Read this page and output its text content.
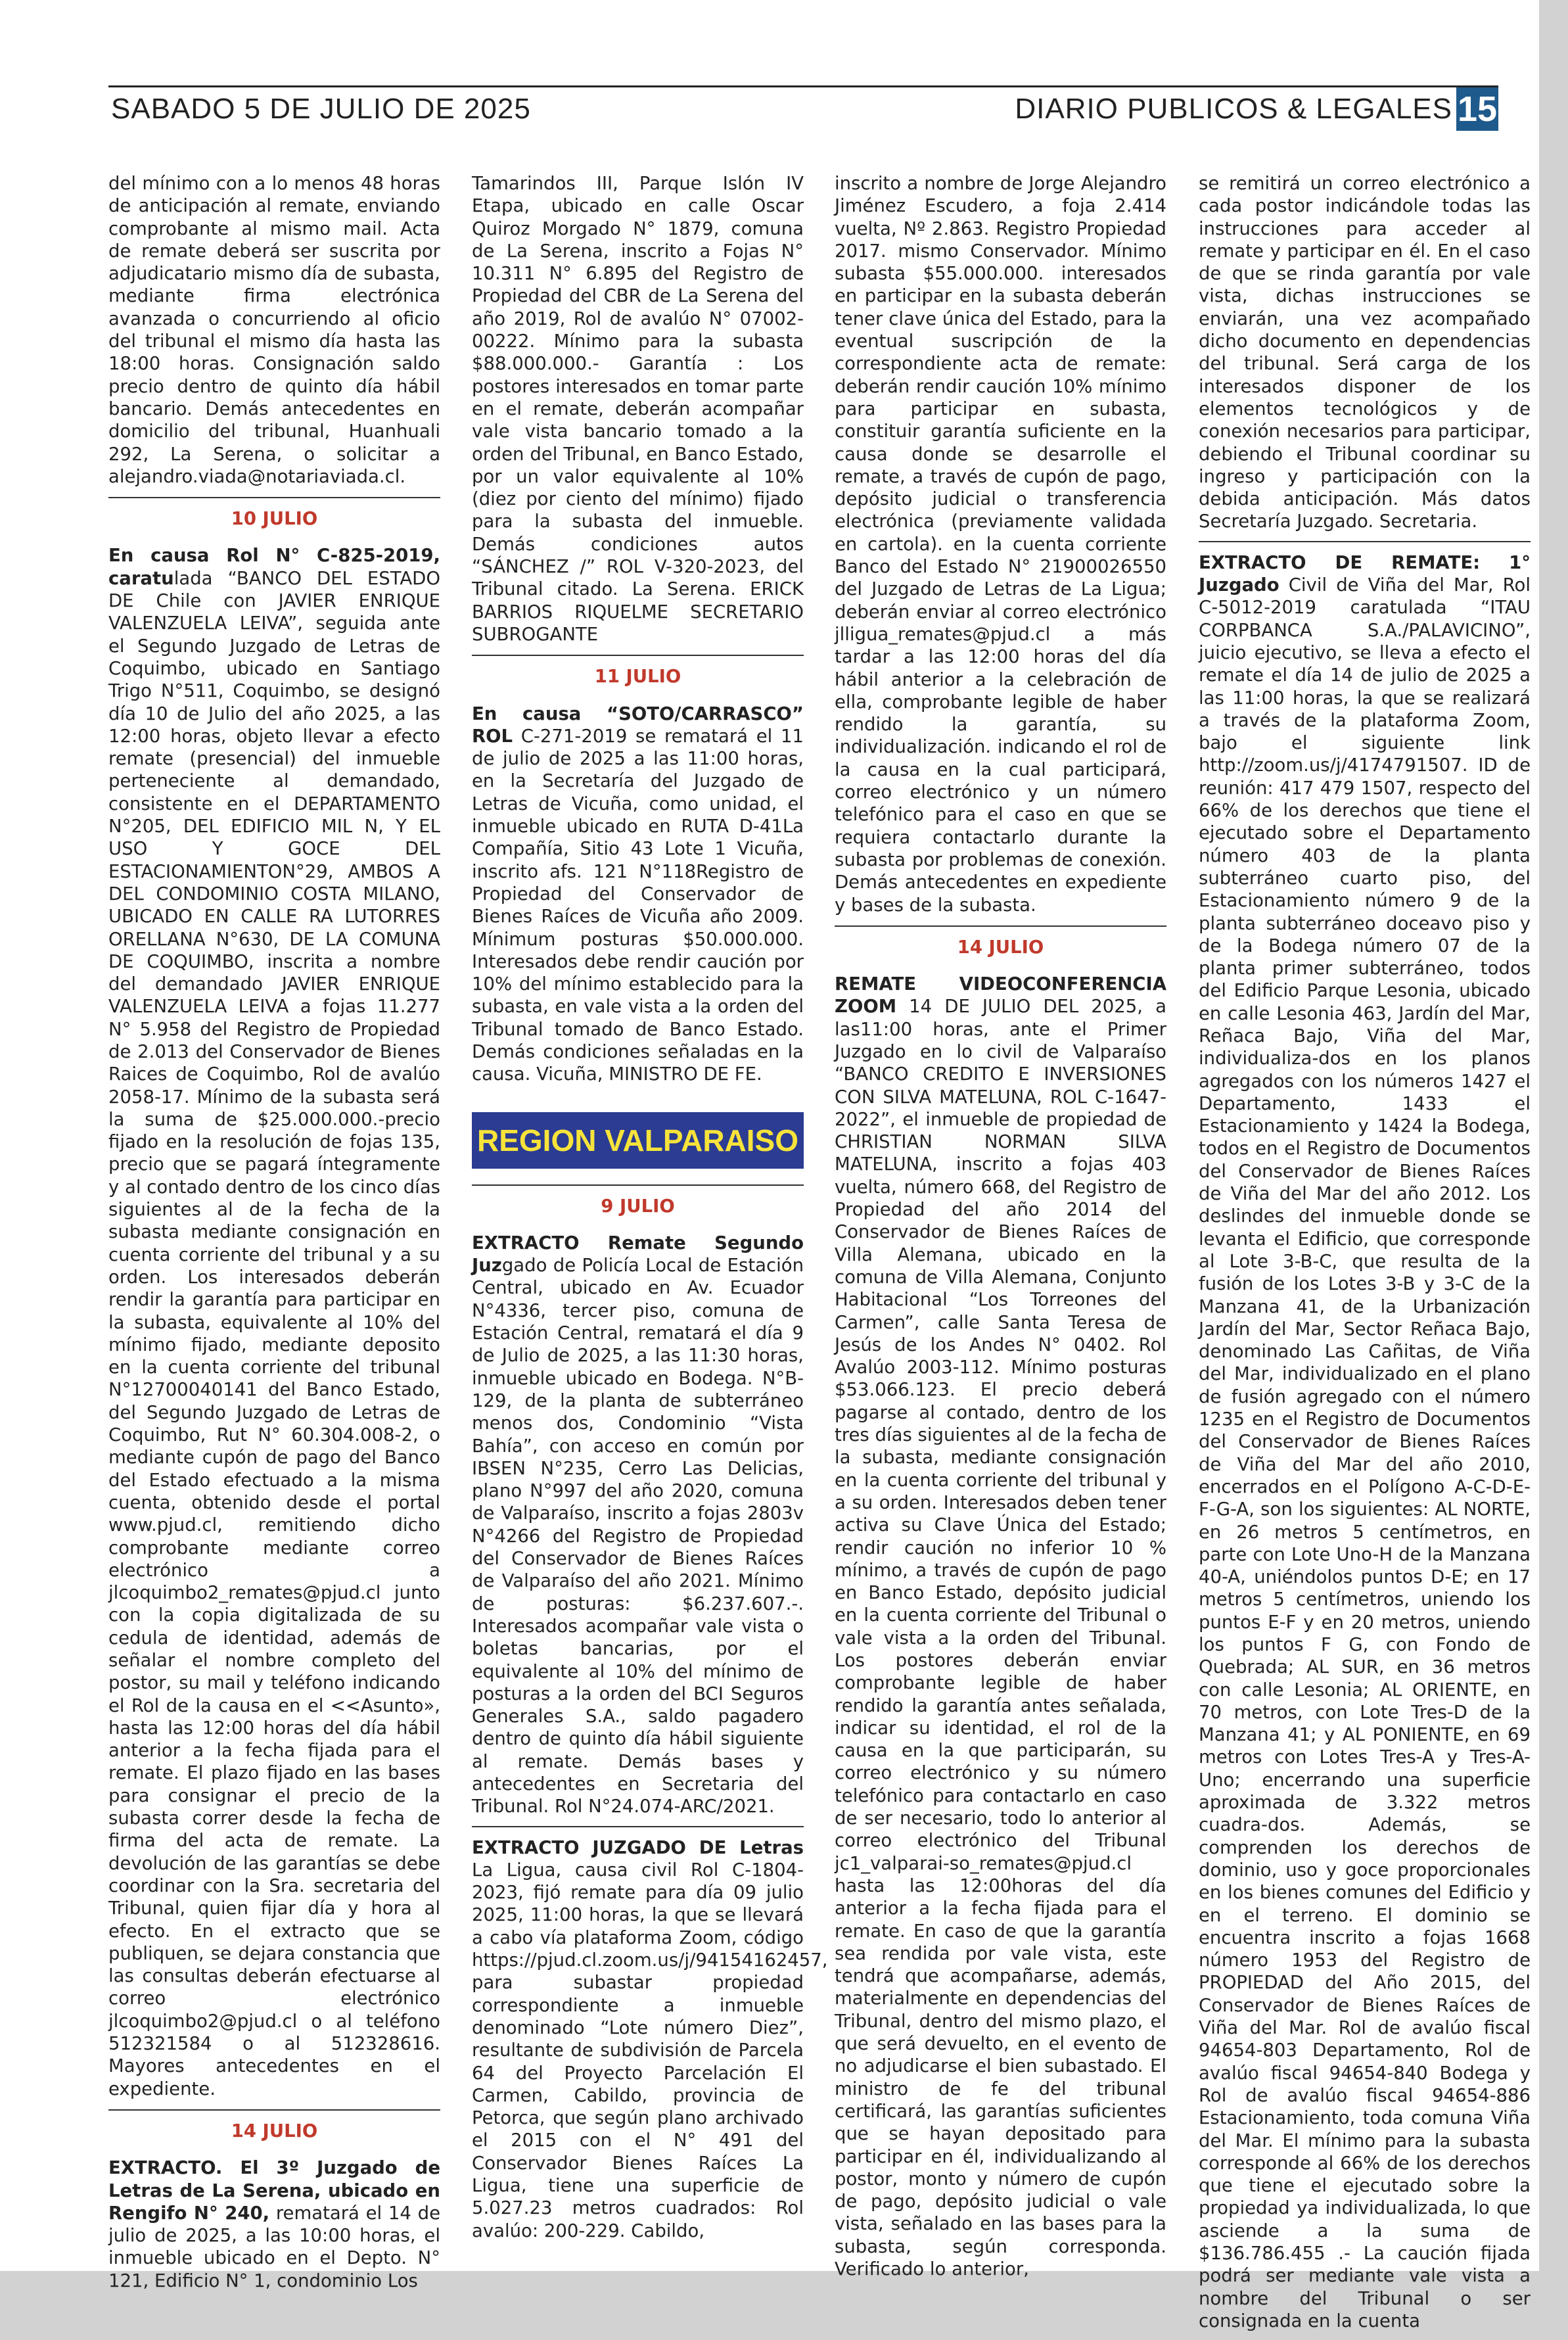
SABADO 5 DE JULIO DE 2025	DIARIO PUBLICOS & LEGALES 15

del mínimo con a lo menos 48 horas de anticipación al remate, enviando comprobante al mismo mail. Acta de remate deberá ser suscrita por adjudicatario mismo día de subasta, mediante firma electrónica avanzada o concurriendo al oficio del tribunal el mismo día hasta las 18:00 horas. Consignación saldo precio dentro de quinto día hábil bancario. Demás antecedentes en domicilio del tribunal, Huanhuali 292, La Serena, o solicitar a alejandro.viada@notariaviada.cl.

10 JULIO

En causa Rol N° C-825-2019, caratulada “BANCO DEL ESTADO DE Chile con JAVIER ENRIQUE VALENZUELA LEIVA”, seguida ante el Segundo Juzgado de Letras de Coquimbo, ubicado en Santiago Trigo N°511, Coquimbo, se designó día 10 de Julio del año 2025, a las 12:00 horas, objeto llevar a efecto remate (presencial) del inmueble perteneciente al demandado, consistente en el DEPARTAMENTO N°205, DEL EDIFICIO MIL N, Y EL USO Y GOCE DEL ESTACIONAMIENTON°29, AMBOS A DEL CONDOMINIO COSTA MILANO, UBICADO EN CALLE RA LUTORRES ORELLANA N°630, DE LA COMUNA DE COQUIMBO, inscrita a nombre del demandado JAVIER ENRIQUE VALENZUELA LEIVA a fojas 11.277 N° 5.958 del Registro de Propiedad de 2.013 del Conservador de Bienes Raices de Coquimbo, Rol de avalúo 2058-17. Mínimo de la subasta será la suma de $25.000.000.-precio fijado en la resolución de fojas 135, precio que se pagará íntegramente y al contado dentro de los cinco días siguientes al de la fecha de la subasta mediante consignación en cuenta corriente del tribunal y a su orden. Los interesados deberán rendir la garantía para participar en la subasta, equivalente al 10% del mínimo fijado, mediante deposito en la cuenta corriente del tribunal N°12700040141 del Banco Estado, del Segundo Juzgado de Letras de Coquimbo, Rut N° 60.304.008-2, o mediante cupón de pago del Banco del Estado efectuado a la misma cuenta, obtenido desde el portal www.pjud.cl, remitiendo dicho comprobante mediante correo electrónico a jlcoquimbo2_remates@pjud.cl junto con la copia digitalizada de su cedula de identidad, además de señalar el nombre completo del postor, su mail y teléfono indicando el Rol de la causa en el <<Asunto», hasta las 12:00 horas del día hábil anterior a la fecha fijada para el remate. El plazo fijado en las bases para consignar el precio de la subasta correr desde la fecha de firma del acta de remate. La devolución de las garantías se debe coordinar con la Sra. secretaria del Tribunal, quien fijar día y hora al efecto. En el extracto que se publiquen, se dejara constancia que las consultas deberán efectuarse al correo electrónico jlcoquimbo2@pjud.cl o al teléfono 512321584 o al 512328616. Mayores antecedentes en el expediente.

14 JULIO

EXTRACTO. El 3º Juzgado de Letras de La Serena, ubicado en Rengifo N° 240, rematará el 14 de julio de 2025, a las 10:00 horas, el inmueble ubicado en el Depto. N° 121, Edificio N° 1, condominio Los

Tamarindos III, Parque Islón IV Etapa, ubicado en calle Oscar Quiroz Morgado N° 1879, comuna de La Serena, inscrito a Fojas N° 10.311 N° 6.895 del Registro de Propiedad del CBR de La Serena del año 2019, Rol de avalúo N° 07002-00222. Mínimo para la subasta $88.000.000.- Garantía : Los postores interesados en tomar parte en el remate, deberán acompañar vale vista bancario tomado a la orden del Tribunal, en Banco Estado, por un valor equivalente al 10% (diez por ciento del mínimo) fijado para la subasta del inmueble. Demás condiciones autos “SÁNCHEZ /” ROL V-320-2023, del Tribunal citado. La Serena. ERICK BARRIOS RIQUELME SECRETARIO SUBROGANTE

11 JULIO

En causa “SOTO/CARRASCO” ROL C-271-2019 se rematará el 11 de julio de 2025 a las 11:00 horas, en la Secretaría del Juzgado de Letras de Vicuña, como unidad, el inmueble ubicado en RUTA D-41La Compañía, Sitio 43 Lote 1 Vicuña, inscrito afs. 121 N°118Registro de Propiedad del Conservador de Bienes Raíces de Vicuña año 2009. Mínimum posturas $50.000.000. Interesados debe rendir caución por 10% del mínimo establecido para la subasta, en vale vista a la orden del Tribunal tomado de Banco Estado. Demás condiciones señaladas en la causa. Vicuña, MINISTRO DE FE.

REGION VALPARAISO
9 JULIO

EXTRACTO Remate Segundo Juzgado de Policía Local de Estación Central, ubicado en Av. Ecuador N°4336, tercer piso, comuna de Estación Central, rematará el día 9 de Julio de 2025, a las 11:30 horas, inmueble ubicado en Bodega. N°B-129, de la planta de subterráneo menos dos, Condominio “Vista Bahía”, con acceso en común por IBSEN N°235, Cerro Las Delicias, plano N°997 del año 2020, comuna de Valparaíso, inscrito a fojas 2803v N°4266 del Registro de Propiedad del Conservador de Bienes Raíces de Valparaíso del año 2021. Mínimo de posturas: $6.237.607.-. Interesados acompañar vale vista o boletas bancarias, por el equivalente al 10% del mínimo de posturas a la orden del BCI Seguros Generales S.A., saldo pagadero dentro de quinto día hábil siguiente al remate. Demás bases y antecedentes en Secretaria del Tribunal. Rol N°24.074-ARC/2021.

EXTRACTO JUZGADO DE Letras La Ligua, causa civil Rol C-1804-2023, fijó remate para día 09 julio 2025, 11:00 horas, la que se llevará a cabo vía plataforma Zoom, código https://pjud.cl.zoom.us/j/94154162457, para subastar propiedad correspondiente a inmueble denominado “Lote número Diez”, resultante de subdivisión de Parcela 64 del Proyecto Parcelación El Carmen, Cabildo, provincia de Petorca, que según plano archivado el 2015 con el N° 491 del Conservador Bienes Raíces La Ligua, tiene una superficie de 5.027.23 metros cuadrados: Rol avalúo: 200-229. Cabildo,

inscrito a nombre de Jorge Alejandro Jiménez Escudero, a foja 2.414 vuelta, Nº 2.863. Registro Propiedad 2017. mismo Conservador. Mínimo subasta $55.000.000. interesados en participar en la subasta deberán tener clave única del Estado, para la eventual suscripción de la correspondiente acta de remate: deberán rendir caución 10% mínimo para participar en subasta, constituir garantía suficiente en la causa donde se desarrolle el remate, a través de cupón de pago, depósito judicial o transferencia electrónica (previamente validada en cartola). en la cuenta corriente Banco del Estado N° 21900026550 del Juzgado de Letras de La Ligua; deberán enviar al correo electrónico jlligua_remates@pjud.cl a más tardar a las 12:00 horas del día hábil anterior a la celebración de ella, comprobante legible de haber rendido la garantía, su individualización. indicando el rol de la causa en la cual participará, correo electrónico y un número telefónico para el caso en que se requiera contactarlo durante la subasta por problemas de conexión. Demás antecedentes en expediente y bases de la subasta.

14 JULIO

REMATE VIDEOCONFERENCIA ZOOM 14 DE JULIO DEL 2025, a las11:00 horas, ante el Primer Juzgado en lo civil de Valparaíso “BANCO CREDITO E INVERSIONES CON SILVA MATELUNA, ROL C-1647-2022”, el inmueble de propiedad de CHRISTIAN NORMAN SILVA MATELUNA, inscrito a fojas 403 vuelta, número 668, del Registro de Propiedad del año 2014 del Conservador de Bienes Raíces de Villa Alemana, ubicado en la comuna de Villa Alemana, Conjunto Habitacional “Los Torreones del Carmen”, calle Santa Teresa de Jesús de los Andes N° 0402. Rol Avalúo 2003-112. Mínimo posturas $53.066.123. El precio deberá pagarse al contado, dentro de los tres días siguientes al de la fecha de la subasta, mediante consignación en la cuenta corriente del tribunal y a su orden. Interesados deben tener activa su Clave Única del Estado; rendir caución no inferior 10 % mínimo, a través de cupón de pago en Banco Estado, depósito judicial en la cuenta corriente del Tribunal o vale vista a la orden del Tribunal. Los postores deberán enviar comprobante legible de haber rendido la garantía antes señalada, indicar su identidad, el rol de la causa en la que participarán, su correo electrónico y su número telefónico para contactarlo en caso de ser necesario, todo lo anterior al correo electrónico del Tribunal jc1_valparai-so_remates@pjud.cl hasta las 12:00horas del día anterior a la fecha fijada para el remate. En caso de que la garantía sea rendida por vale vista, este tendrá que acompañarse, además, materialmente en dependencias del Tribunal, dentro del mismo plazo, el que será devuelto, en el evento de no adjudicarse el bien subastado. El ministro de fe del tribunal certificará, las garantías suficientes que se hayan depositado para participar en él, individualizando al postor, monto y número de cupón de pago, depósito judicial o vale vista, señalado en las bases para la subasta, según corresponda. Verificado lo anterior,

se remitirá un correo electrónico a cada postor indicándole todas las instrucciones para acceder al remate y participar en él. En el caso de que se rinda garantía por vale vista, dichas instrucciones se enviarán, una vez acompañado dicho documento en dependencias del tribunal. Será carga de los interesados disponer de los elementos tecnológicos y de conexión necesarios para participar, debiendo el Tribunal coordinar su ingreso y participación con la debida anticipación. Más datos Secretaría Juzgado. Secretaria.

EXTRACTO DE REMATE: 1° Juzgado Civil de Viña del Mar, Rol C-5012-2019 caratulada “ITAU CORPBANCA S.A./PALAVICINO”, juicio ejecutivo, se lleva a efecto el remate el día 14 de julio de 2025 a las 11:00 horas, la que se realizará a través de la plataforma Zoom, bajo el siguiente link http://zoom.us/j/4174791507. ID de reunión: 417 479 1507, respecto del 66% de los derechos que tiene el ejecutado sobre el Departamento número 403 de la planta subterráneo cuarto piso, del Estacionamiento número 9 de la planta subterráneo doceavo piso y de la Bodega número 07 de la planta primer subterráneo, todos del Edificio Parque Lesonia, ubicado en calle Lesonia 463, Jardín del Mar, Reñaca Bajo, Viña del Mar, individualiza-dos en los planos agregados con los números 1427 el Departamento, 1433 el Estacionamiento y 1424 la Bodega, todos en el Registro de Documentos del Conservador de Bienes Raíces de Viña del Mar del año 2012. Los deslindes del inmueble donde se levanta el Edificio, que corresponde al Lote 3-B-C, que resulta de la fusión de los Lotes 3-B y 3-C de la Manzana 41, de la Urbanización Jardín del Mar, Sector Reñaca Bajo, denominado Las Cañitas, de Viña del Mar, individualizado en el plano de fusión agregado con el número 1235 en el Registro de Documentos del Conservador de Bienes Raíces de Viña del Mar del año 2010, encerrados en el Polígono A-C-D-E-F-G-A, son los siguientes: AL NORTE, en 26 metros 5 centímetros, en parte con Lote Uno-H de la Manzana 40-A, uniéndolos puntos D-E; en 17 metros 5 centímetros, uniendo los puntos E-F y en 20 metros, uniendo los puntos F G, con Fondo de Quebrada; AL SUR, en 36 metros con calle Lesonia; AL ORIENTE, en 70 metros, con Lote Tres-D de la Manzana 41; y AL PONIENTE, en 69 metros con Lotes Tres-A y Tres-A-Uno; encerrando una superficie aproximada de 3.322 metros cuadra-dos. Además, se comprenden los derechos de dominio, uso y goce proporcionales en los bienes comunes del Edificio y en el terreno. El dominio se encuentra inscrito a fojas 1668 número 1953 del Registro de PROPIEDAD del Año 2015, del Conservador de Bienes Raíces de Viña del Mar. Rol de avalúo fiscal 94654-803 Departamento, Rol de avalúo fiscal 94654-840 Bodega y Rol de avalúo fiscal 94654-886 Estacionamiento, toda comuna Viña del Mar. El mínimo para la subasta corresponde al 66% de los derechos que tiene el ejecutado sobre la propiedad ya individualizada, lo que asciende a la suma de $136.786.455 .- La caución fijada podrá ser mediante vale vista a nombre del Tribunal o ser consignada en la cuenta
